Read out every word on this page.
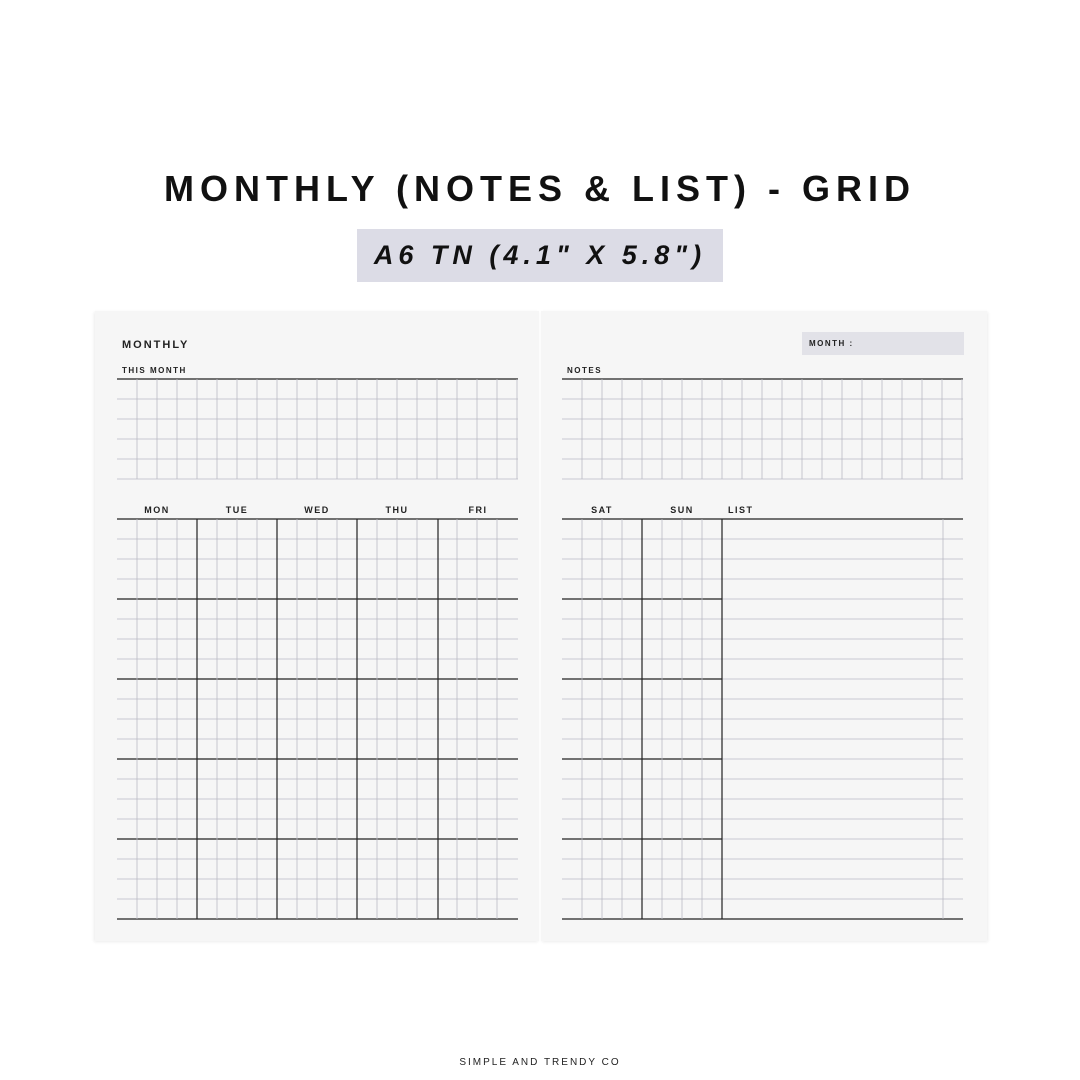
MONTHLY (NOTES & LIST) - GRID
A6 TN (4.1" X 5.8")
MONTHLY
THIS MONTH
MON	TUE	WED	THU	FRI
MONTH :
NOTES
SAT	SUN	LIST
SIMPLE AND TRENDY CO
